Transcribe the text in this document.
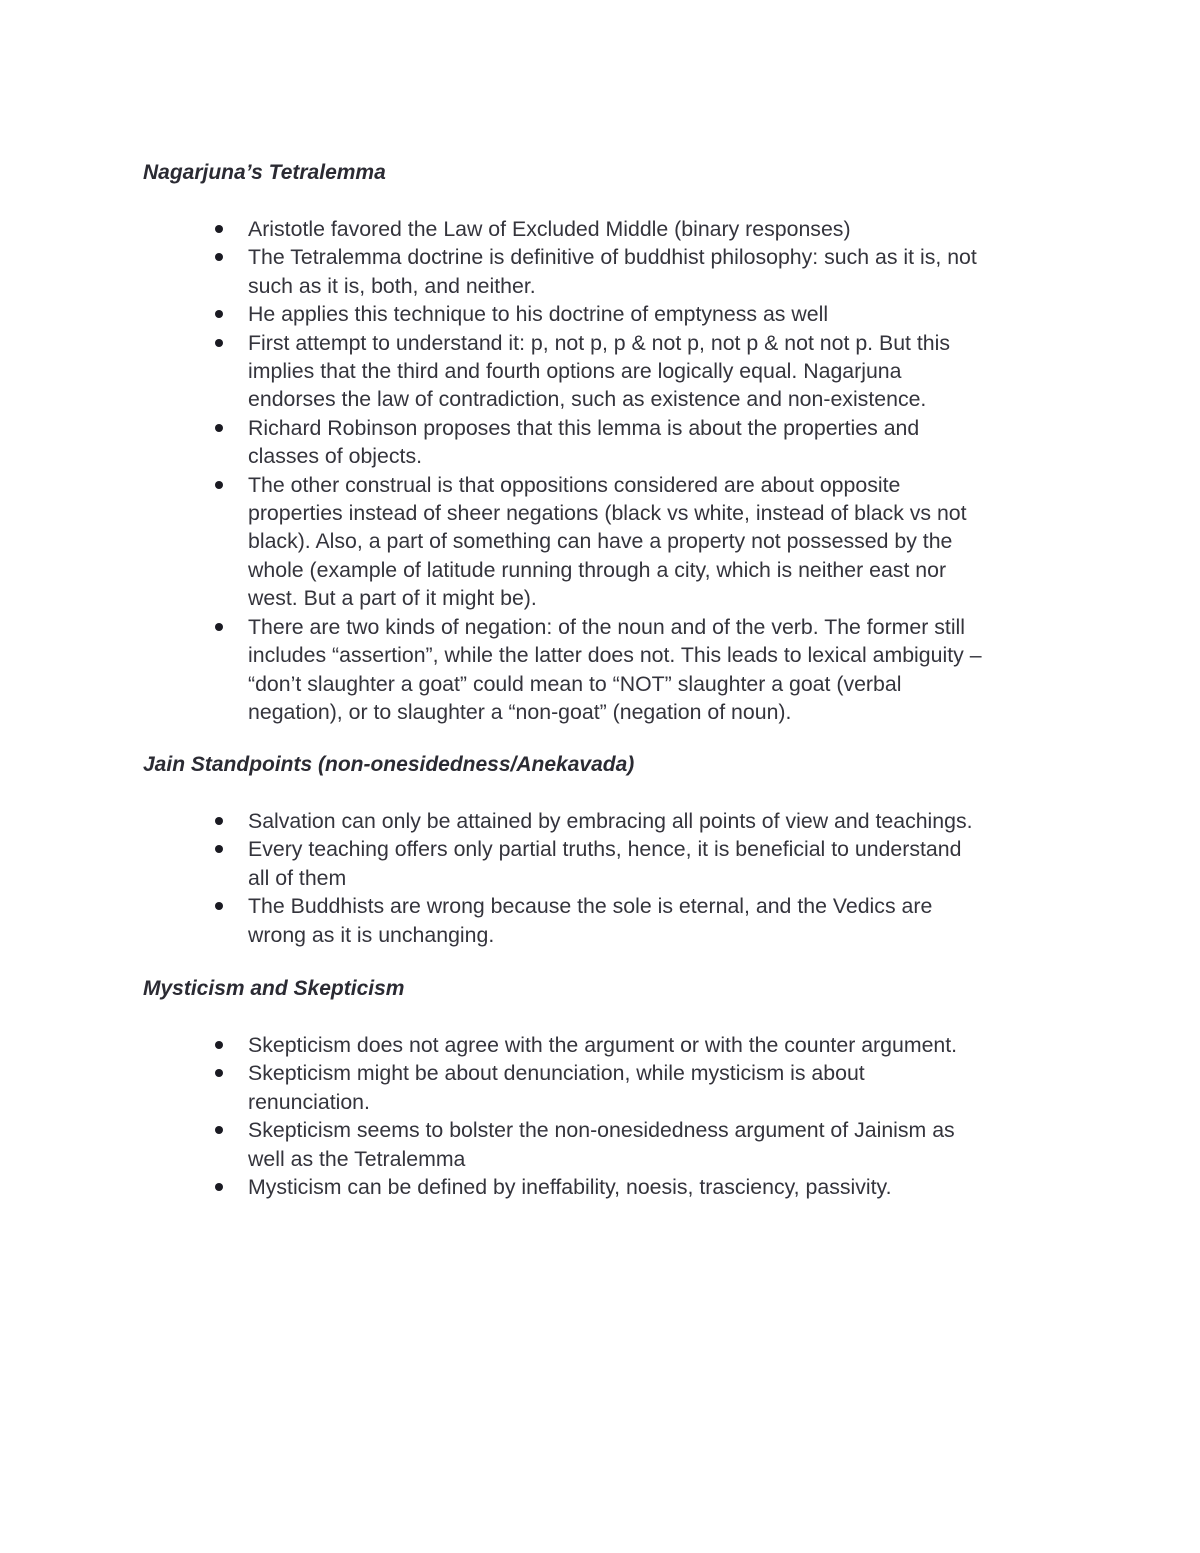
Nagarjuna’s Tetralemma
Aristotle favored the Law of Excluded Middle (binary responses)
The Tetralemma doctrine is definitive of buddhist philosophy: such as it is, not
such as it is, both, and neither.
He applies this technique to his doctrine of emptyness as well
First attempt to understand it: p, not p, p & not p, not p & not not p. But this
implies that the third and fourth options are logically equal. Nagarjuna
endorses the law of contradiction, such as existence and non-existence.
Richard Robinson proposes that this lemma is about the properties and
classes of objects.
The other construal is that oppositions considered are about opposite
properties instead of sheer negations (black vs white, instead of black vs not
black). Also, a part of something can have a property not possessed by the
whole (example of latitude running through a city, which is neither east nor
west. But a part of it might be).
There are two kinds of negation: of the noun and of the verb. The former still
includes “assertion”, while the latter does not. This leads to lexical ambiguity –
“don’t slaughter a goat” could mean to “NOT” slaughter a goat (verbal
negation), or to slaughter a “non-goat” (negation of noun).
Jain Standpoints (non-onesidedness/Anekavada)
Salvation can only be attained by embracing all points of view and teachings.
Every teaching offers only partial truths, hence, it is beneficial to understand
all of them
The Buddhists are wrong because the sole is eternal, and the Vedics are
wrong as it is unchanging.
Mysticism and Skepticism
Skepticism does not agree with the argument or with the counter argument.
Skepticism might be about denunciation, while mysticism is about
renunciation.
Skepticism seems to bolster the non-onesidedness argument of Jainism as
well as the Tetralemma
Mysticism can be defined by ineffability, noesis, trasciency, passivity.
